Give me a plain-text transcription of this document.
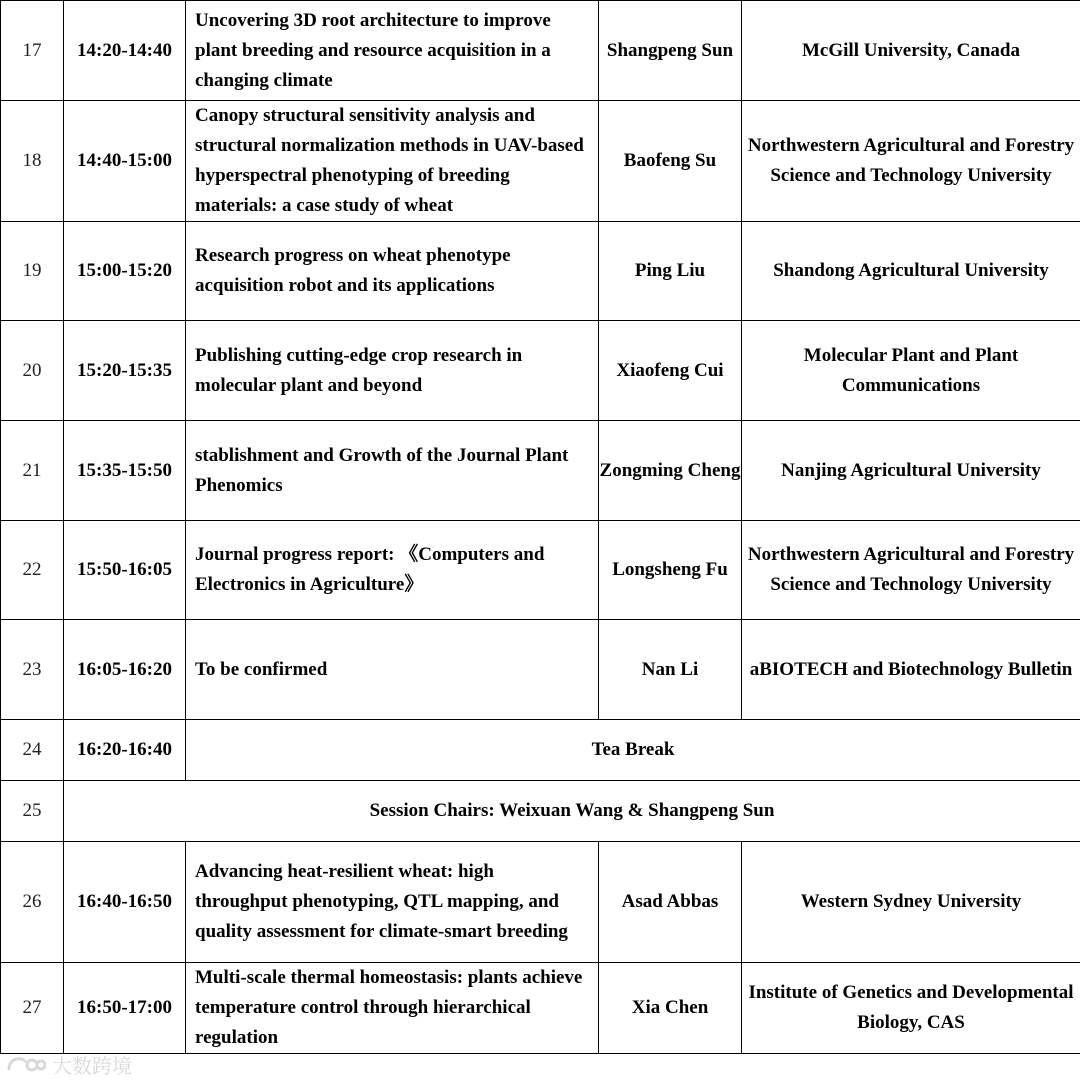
17	14:20-14:40	Uncovering 3D root architecture to improve plant breeding and resource acquisition in a changing climate	Shangpeng Sun	McGill University, Canada
18	14:40-15:00	Canopy structural sensitivity analysis and structural normalization methods in UAV-based hyperspectral phenotyping of breeding materials: a case study of wheat	Baofeng Su	Northwestern Agricultural and Forestry Science and Technology University
19	15:00-15:20	Research progress on wheat phenotype acquisition robot and its applications	Ping Liu	Shandong Agricultural University
20	15:20-15:35	Publishing cutting-edge crop research in molecular plant and beyond	Xiaofeng Cui	Molecular Plant and Plant Communications
21	15:35-15:50	stablishment and Growth of the Journal Plant Phenomics	Zongming Cheng	Nanjing Agricultural University
22	15:50-16:05	Journal progress report: 《Computers and Electronics in Agriculture》	Longsheng Fu	Northwestern Agricultural and Forestry Science and Technology University
23	16:05-16:20	To be confirmed	Nan Li	aBIOTECH and Biotechnology Bulletin
24	16:20-16:40	Tea Break		
25	Session Chairs: Weixuan Wang & Shangpeng Sun			
26	16:40-16:50	Advancing heat-resilient wheat: high throughput phenotyping, QTL mapping, and quality assessment for climate-smart breeding	Asad Abbas	Western Sydney University
27	16:50-17:00	Multi-scale thermal homeostasis: plants achieve temperature control through hierarchical regulation	Xia Chen	Institute of Genetics and Developmental Biology, CAS
大数跨境
